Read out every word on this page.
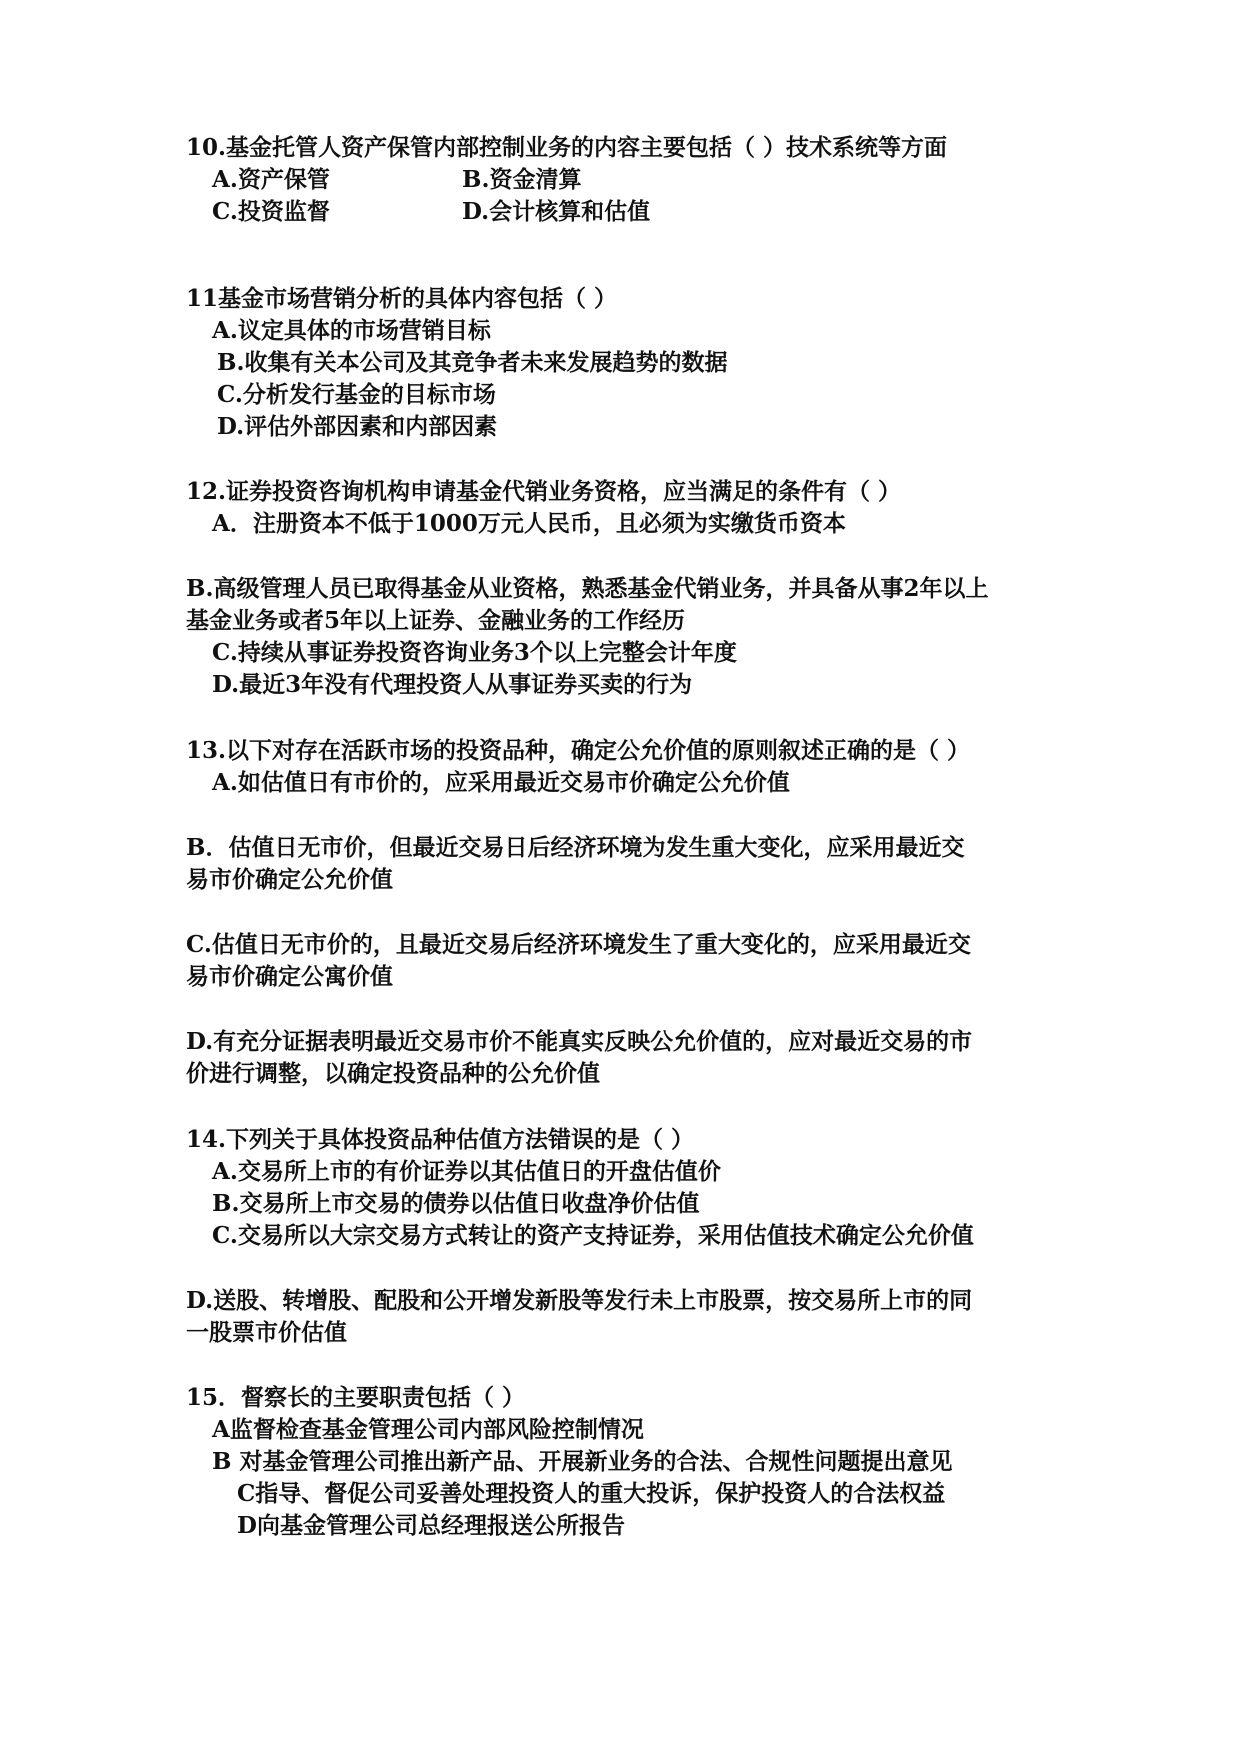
10.基金托管人资产保管内部控制业务的内容主要包括（ ）技术系统等方面
A.资产保管	B.资金清算
C.投资监督	D.会计核算和估值
11基金市场营销分析的具体内容包括（ ）
A.议定具体的市场营销目标
B.收集有关本公司及其竞争者未来发展趋势的数据
C.分析发行基金的目标市场
D.评估外部因素和内部因素
12.证券投资咨询机构申请基金代销业务资格，应当满足的条件有（ ）
A．注册资本不低于1000万元人民币，且必须为实缴货币资本
B.高级管理人员已取得基金从业资格，熟悉基金代销业务，并具备从事2年以上
基金业务或者5年以上证券、金融业务的工作经历
C.持续从事证券投资咨询业务3个以上完整会计年度
D.最近3年没有代理投资人从事证券买卖的行为
13.以下对存在活跃市场的投资品种，确定公允价值的原则叙述正确的是（ ）
A.如估值日有市价的，应采用最近交易市价确定公允价值
B．估值日无市价，但最近交易日后经济环境为发生重大变化，应采用最近交
易市价确定公允价值
C.估值日无市价的，且最近交易后经济环境发生了重大变化的，应采用最近交
易市价确定公寓价值
D.有充分证据表明最近交易市价不能真实反映公允价值的，应对最近交易的市
价进行调整，以确定投资品种的公允价值
14.下列关于具体投资品种估值方法错误的是（ ）
A.交易所上市的有价证券以其估值日的开盘估值价
B.交易所上市交易的债券以估值日收盘净价估值
C.交易所以大宗交易方式转让的资产支持证券，采用估值技术确定公允价值
D.送股、转增股、配股和公开增发新股等发行未上市股票，按交易所上市的同
一股票市价估值
15．督察长的主要职责包括（ ）
A监督检查基金管理公司内部风险控制情况
B 对基金管理公司推出新产品、开展新业务的合法、合规性问题提出意见
C指导、督促公司妥善处理投资人的重大投诉，保护投资人的合法权益
D向基金管理公司总经理报送公所报告
